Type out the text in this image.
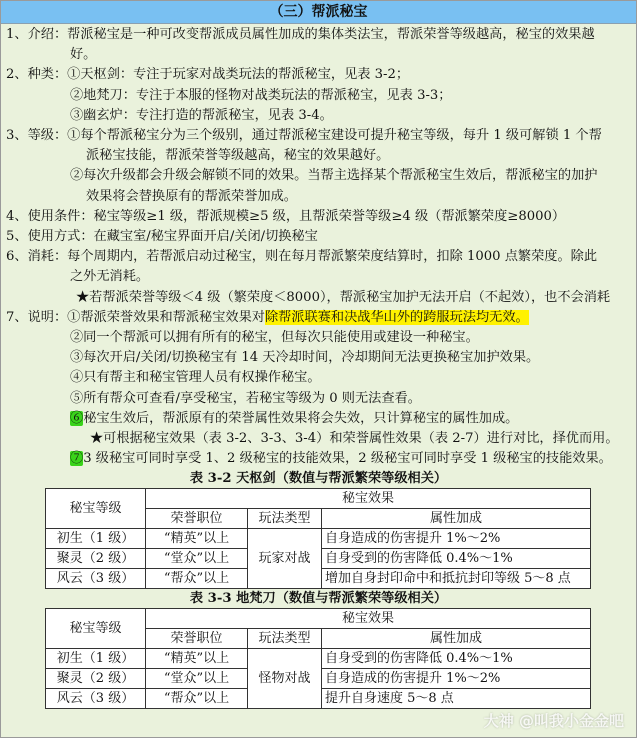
（三）帮派秘宝
1、介绍：帮派秘宝是一种可改变帮派成员属性加成的集体类法宝，帮派荣誉等级越高，秘宝的效果越
好。
2、种类：①天枢剑：专注于玩家对战类玩法的帮派秘宝，见表 3-2；
②地梵刀：专注于本服的怪物对战类玩法的帮派秘宝，见表 3-3；
③幽玄炉：专注打造的帮派秘宝，见表 3-4。
3、等级：①每个帮派秘宝分为三个级别，通过帮派秘宝建设可提升秘宝等级，每升 1 级可解锁 1 个帮
派秘宝技能，帮派荣誉等级越高，秘宝的效果越好。
②每次升级都会升级会解锁不同的效果。当帮主选择某个帮派秘宝生效后，帮派秘宝的加护
效果将会替换原有的帮派荣誉加成。
4、使用条件：秘宝等级≥1 级，帮派规模≥5 级，且帮派荣誉等级≥4 级（帮派繁荣度≥8000）
5、使用方式：在藏宝室/秘宝界面开启/关闭/切换秘宝
6、消耗：每个周期内，若帮派启动过秘宝，则在每月帮派繁荣度结算时，扣除 1000 点繁荣度。除此
之外无消耗。
★若帮派荣誉等级＜4 级（繁荣度＜8000），帮派秘宝加护无法开启（不起效），也不会消耗
7、说明：①帮派荣誉效果和帮派秘宝效果对除帮派联赛和决战华山外的跨服玩法均无效。
②同一个帮派可以拥有所有的秘宝，但每次只能使用或建设一种秘宝。
③每次开启/关闭/切换秘宝有 14 天冷却时间，冷却期间无法更换秘宝加护效果。
④只有帮主和秘宝管理人员有权操作秘宝。
⑤所有帮众可查看/享受秘宝，若秘宝等级为 0 则无法查看。
⑥秘宝生效后，帮派原有的荣誉属性效果将会失效，只计算秘宝的属性加成。
★可根据秘宝效果（表 3-2、3-3、3-4）和荣誉属性效果（表 2-7）进行对比，择优而用。
⑦3 级秘宝可同时享受 1、2 级秘宝的技能效果，2 级秘宝可同时享受 1 级秘宝的技能效果。
表 3-2 天枢剑（数值与帮派繁荣等级相关）
秘宝等级	秘宝效果		
	荣誉职位	玩法类型	属性加成
初生（1 级）	“精英”以上	玩家对战	自身造成的伤害提升 1%～2%
聚灵（2 级）	“堂众”以上		自身受到的伤害降低 0.4%～1%
风云（3 级）	“帮众”以上		增加自身封印命中和抵抗封印等级 5～8 点
表 3-3 地梵刀（数值与帮派繁荣等级相关）
秘宝等级	秘宝效果		
	荣誉职位	玩法类型	属性加成
初生（1 级）	“精英”以上	怪物对战	自身受到的伤害降低 0.4%～1%
聚灵（2 级）	“堂众”以上		自身造成的伤害提升 1%～2%
风云（3 级）	“帮众”以上		提升自身速度 5～8 点
大神 @叫我小金金吧
